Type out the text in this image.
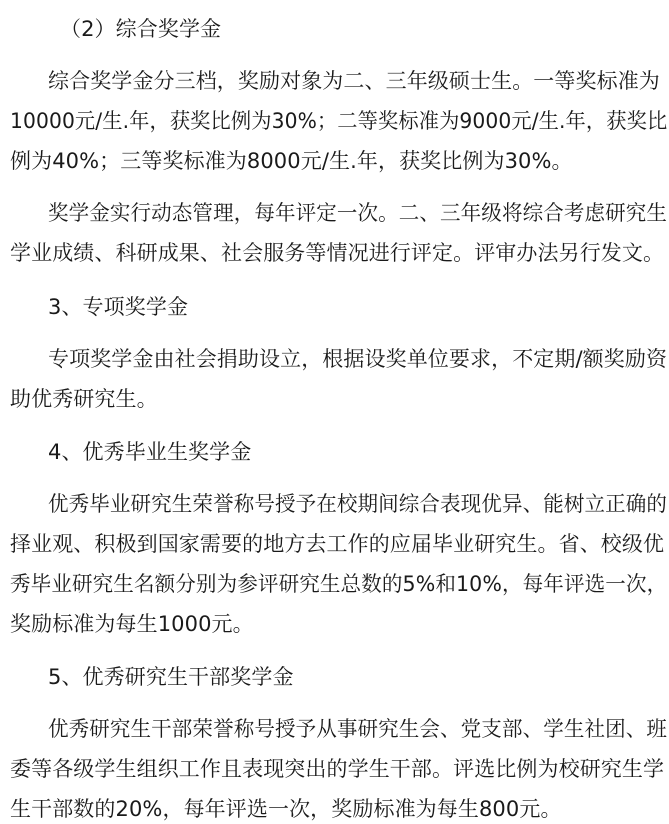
（2）综合奖学金
综合奖学金分三档，奖励对象为二、三年级硕士生。一等奖标准为
10000元/生.年，获奖比例为30%；二等奖标准为9000元/生.年，获奖比
例为40%；三等奖标准为8000元/生.年，获奖比例为30%。
奖学金实行动态管理，每年评定一次。二、三年级将综合考虑研究生
学业成绩、科研成果、社会服务等情况进行评定。评审办法另行发文。
3、专项奖学金
专项奖学金由社会捐助设立，根据设奖单位要求，不定期/额奖励资
助优秀研究生。
4、优秀毕业生奖学金
优秀毕业研究生荣誉称号授予在校期间综合表现优异、能树立正确的
择业观、积极到国家需要的地方去工作的应届毕业研究生。省、校级优
秀毕业研究生名额分别为参评研究生总数的5%和10%，每年评选一次，
奖励标准为每生1000元。
5、优秀研究生干部奖学金
优秀研究生干部荣誉称号授予从事研究生会、党支部、学生社团、班
委等各级学生组织工作且表现突出的学生干部。评选比例为校研究生学
生干部数的20%，每年评选一次，奖励标准为每生800元。
